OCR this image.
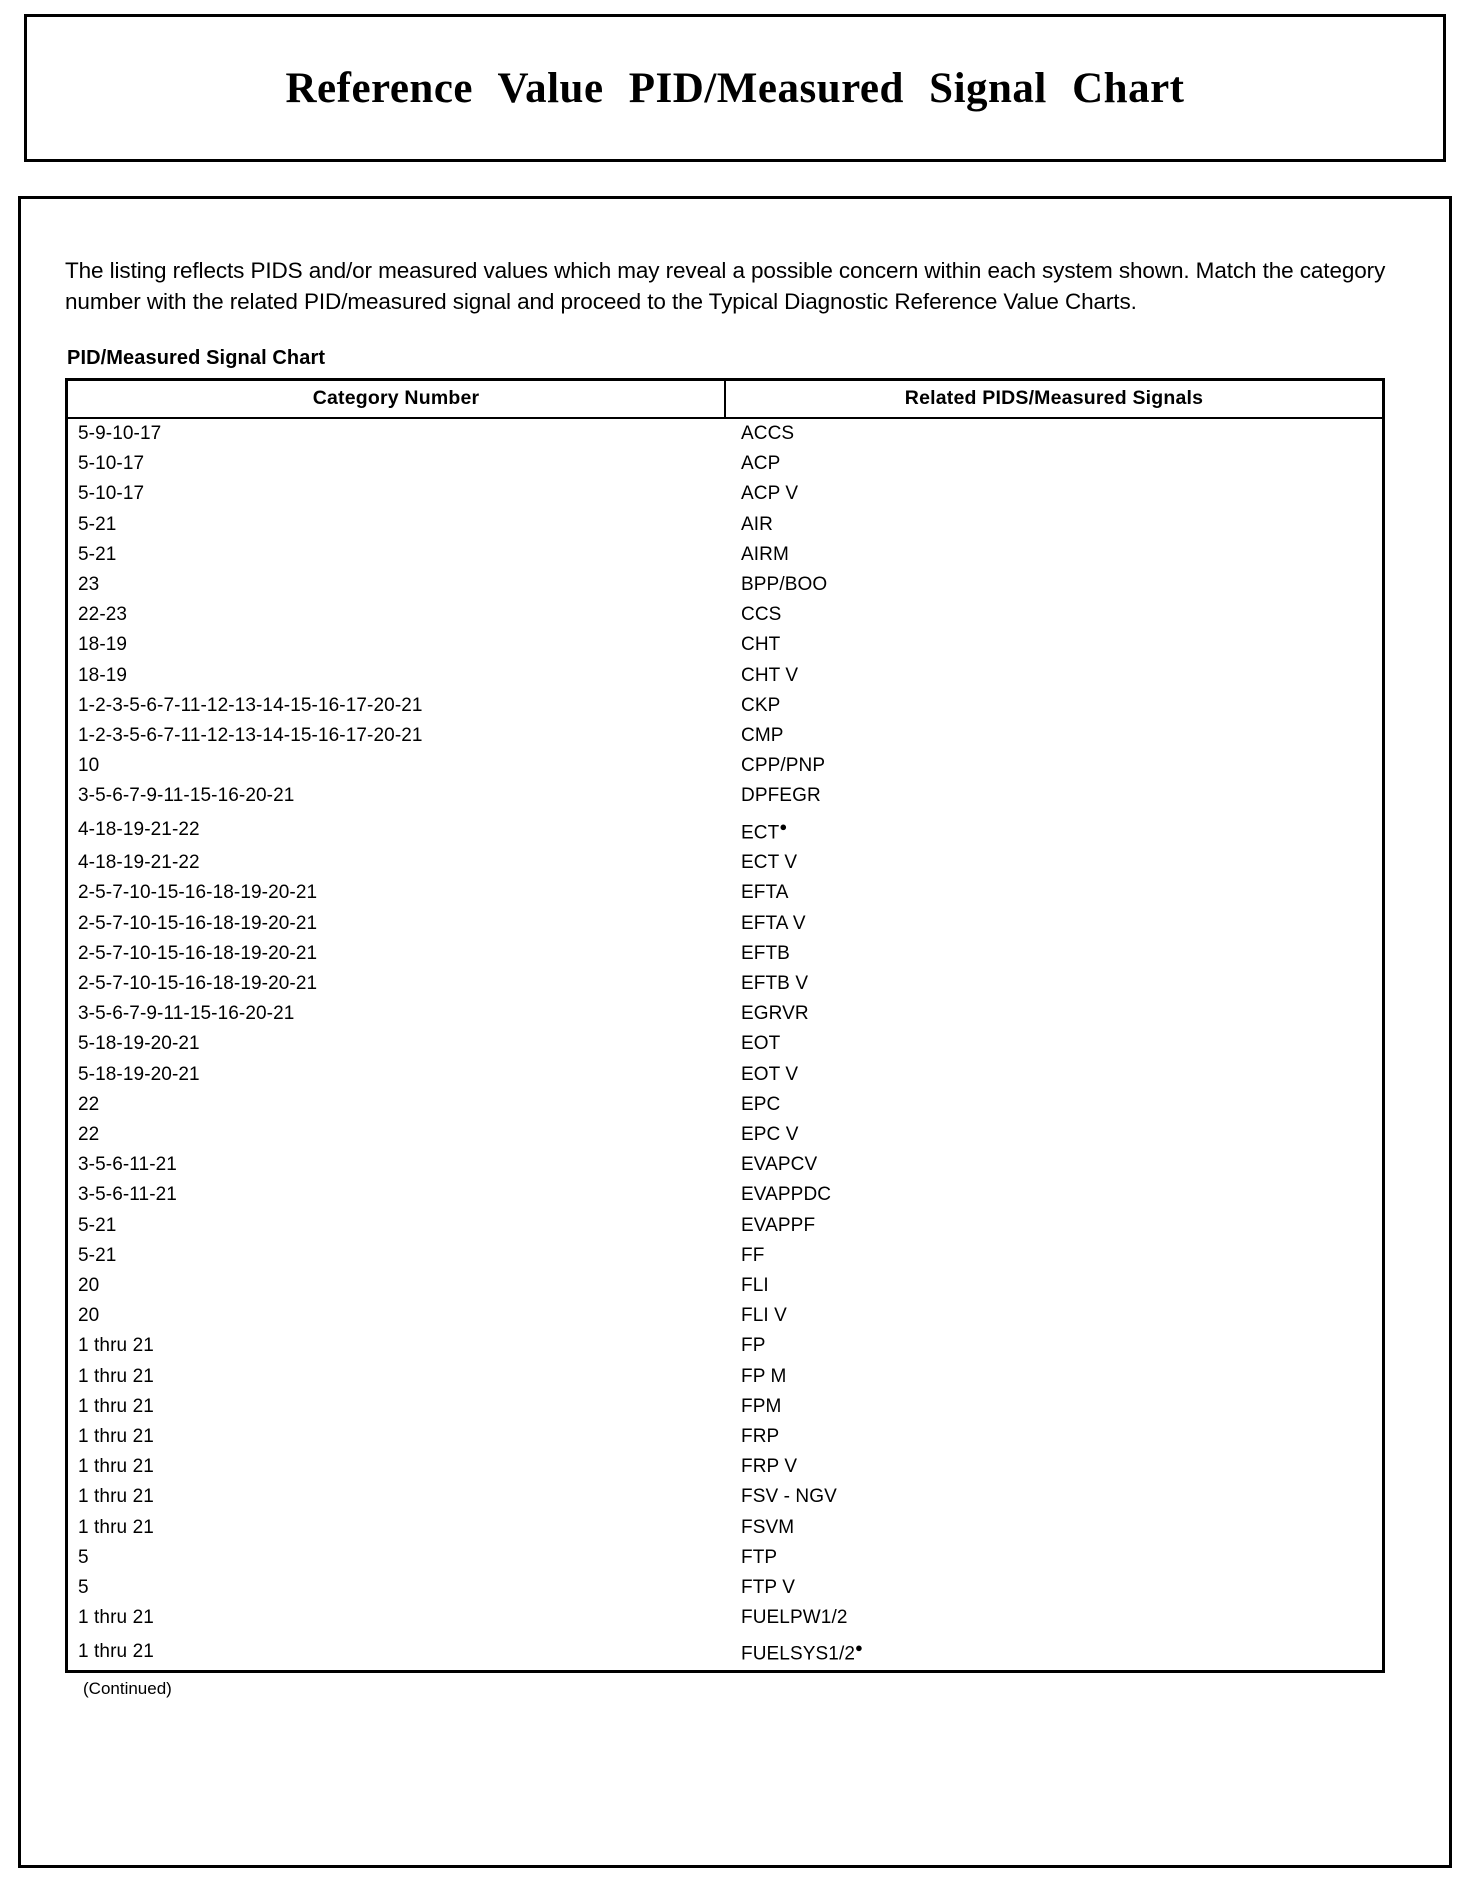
Reference Value PID/Measured Signal Chart

The listing reflects PIDS and/or measured values which may reveal a possible concern within each system shown. Match the category number with the related PID/measured signal and proceed to the Typical Diagnostic Reference Value Charts.

PID/Measured Signal Chart
Category Number	Related PIDS/Measured Signals
5-9-10-17	ACCS
5-10-17	ACP
5-10-17	ACP V
5-21	AIR
5-21	AIRM
23	BPP/BOO
22-23	CCS
18-19	CHT
18-19	CHT V
1-2-3-5-6-7-11-12-13-14-15-16-17-20-21	CKP
1-2-3-5-6-7-11-12-13-14-15-16-17-20-21	CMP
10	CPP/PNP
3-5-6-7-9-11-15-16-20-21	DPFEGR
4-18-19-21-22	ECT●
4-18-19-21-22	ECT V
2-5-7-10-15-16-18-19-20-21	EFTA
2-5-7-10-15-16-18-19-20-21	EFTA V
2-5-7-10-15-16-18-19-20-21	EFTB
2-5-7-10-15-16-18-19-20-21	EFTB V
3-5-6-7-9-11-15-16-20-21	EGRVR
5-18-19-20-21	EOT
5-18-19-20-21	EOT V
22	EPC
22	EPC V
3-5-6-11-21	EVAPCV
3-5-6-11-21	EVAPPDC
5-21	EVAPPF
5-21	FF
20	FLI
20	FLI V
1 thru 21	FP
1 thru 21	FP M
1 thru 21	FPM
1 thru 21	FRP
1 thru 21	FRP V
1 thru 21	FSV - NGV
1 thru 21	FSVM
5	FTP
5	FTP V
1 thru 21	FUELPW1/2
1 thru 21	FUELSYS1/2●
(Continued)
